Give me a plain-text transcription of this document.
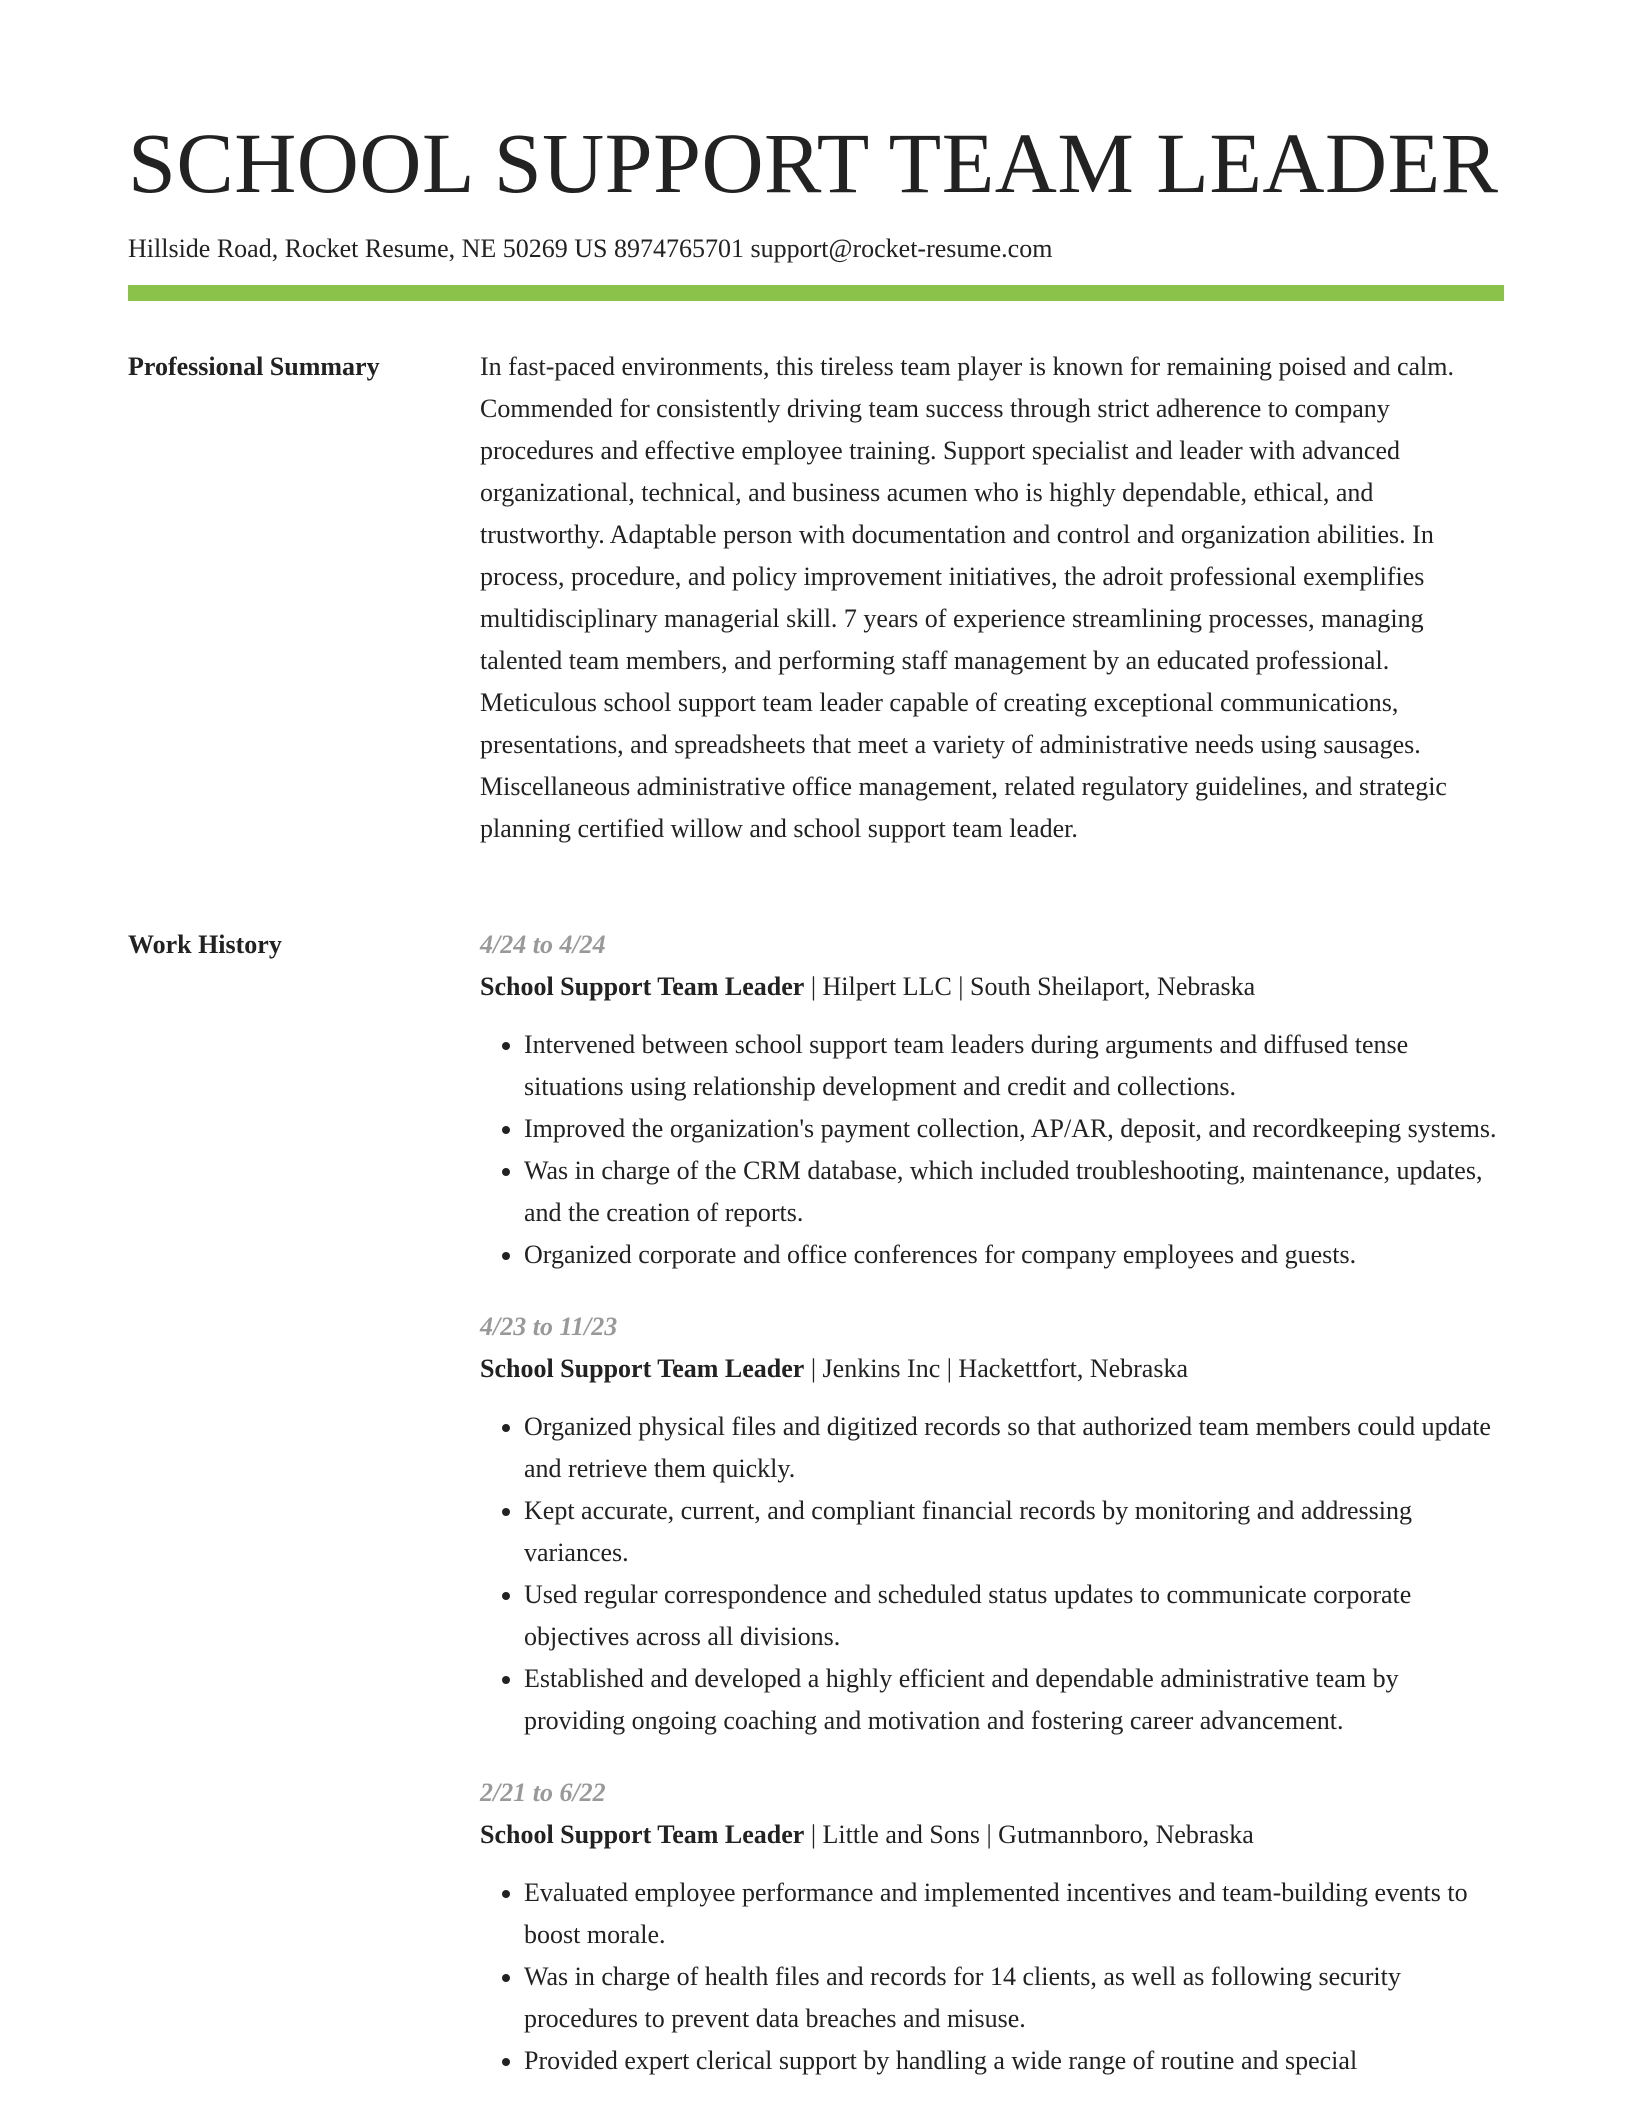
SCHOOL SUPPORT TEAM LEADER
Hillside Road, Rocket Resume, NE 50269 US 8974765701 support@rocket-resume.com
Professional Summary	In fast-paced environments, this tireless team player is known for remaining poised and calm. Commended for consistently driving team success through strict adherence to company procedures and effective employee training. Support specialist and leader with advanced organizational, technical, and business acumen who is highly dependable, ethical, and trustworthy. Adaptable person with documentation and control and organization abilities. In process, procedure, and policy improvement initiatives, the adroit professional exemplifies multidisciplinary managerial skill. 7 years of experience streamlining processes, managing talented team members, and performing staff management by an educated professional. Meticulous school support team leader capable of creating exceptional communications, presentations, and spreadsheets that meet a variety of administrative needs using sausages. Miscellaneous administrative office management, related regulatory guidelines, and strategic planning certified willow and school support team leader.

Work History	4/24 to 4/24
School Support Team Leader | Hilpert LLC | South Sheilaport, Nebraska
• Intervened between school support team leaders during arguments and diffused tense situations using relationship development and credit and collections.
• Improved the organization's payment collection, AP/AR, deposit, and recordkeeping systems.
• Was in charge of the CRM database, which included troubleshooting, maintenance, updates, and the creation of reports.
• Organized corporate and office conferences for company employees and guests.
4/23 to 11/23
School Support Team Leader | Jenkins Inc | Hackettfort, Nebraska
• Organized physical files and digitized records so that authorized team members could update and retrieve them quickly.
• Kept accurate, current, and compliant financial records by monitoring and addressing variances.
• Used regular correspondence and scheduled status updates to communicate corporate objectives across all divisions.
• Established and developed a highly efficient and dependable administrative team by providing ongoing coaching and motivation and fostering career advancement.
2/21 to 6/22
School Support Team Leader | Little and Sons | Gutmannboro, Nebraska
• Evaluated employee performance and implemented incentives and team-building events to boost morale.
• Was in charge of health files and records for 14 clients, as well as following security procedures to prevent data breaches and misuse.
• Provided expert clerical support by handling a wide range of routine and special
